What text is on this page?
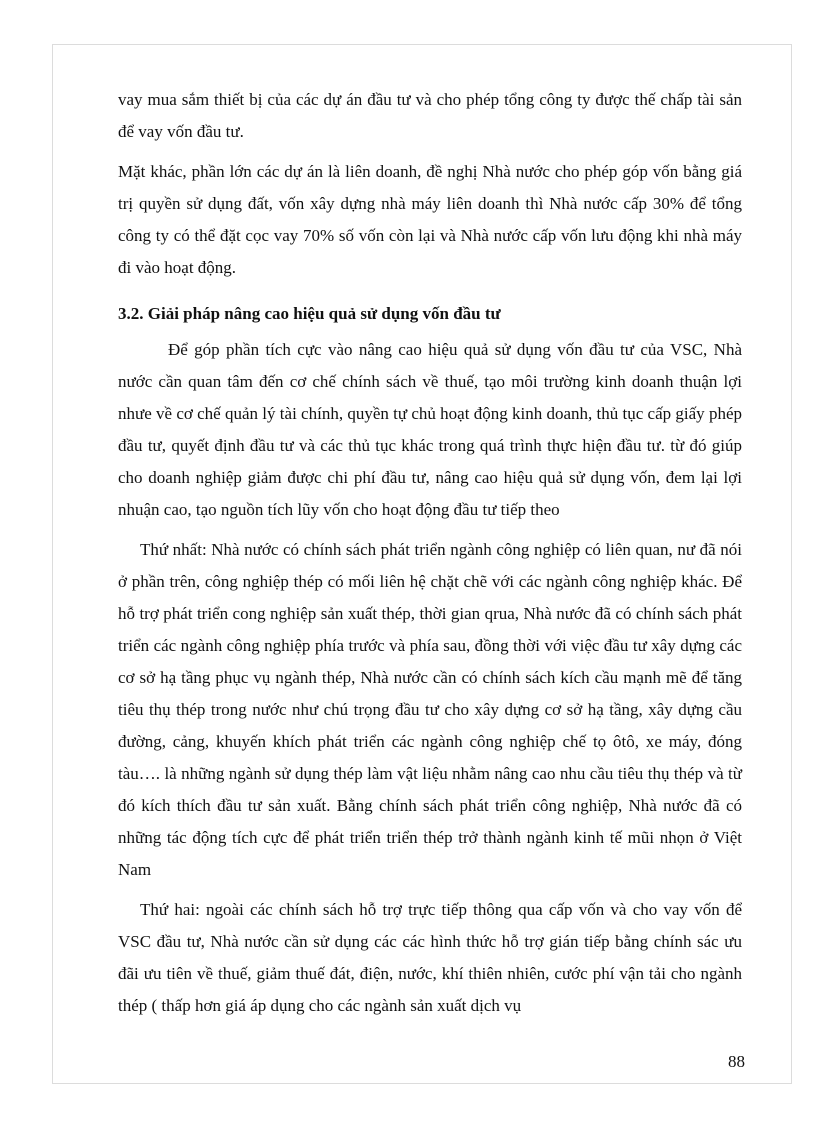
vay mua sắm thiết bị của các dự án đầu tư và cho phép tổng công ty được thế chấp tài sản để vay vốn đầu tư.

Mặt khác, phần lớn các dự án là liên doanh, đề nghị Nhà nước cho phép góp vốn bằng giá trị quyền sử dụng đất, vốn xây dựng nhà máy liên doanh thì Nhà nước cấp 30% để tổng công ty có thể đặt cọc vay 70% số vốn còn lại và Nhà nước cấp vốn lưu động khi nhà máy đi vào hoạt động.

3.2. Giải pháp nâng cao hiệu quả sử dụng vốn đầu tư

Để góp phần tích cực vào nâng cao hiệu quả sử dụng vốn đầu tư của VSC, Nhà nước cần quan tâm đến cơ chế chính sách về thuế, tạo môi trường kinh doanh thuận lợi nhưe về cơ chế quản lý tài chính, quyền tự chủ hoạt động kinh doanh, thủ tục cấp giấy phép đầu tư, quyết định đầu tư và các thủ tục khác trong quá trình thực hiện đầu tư. từ đó giúp cho doanh nghiệp giảm được chi phí đầu tư, nâng cao hiệu quả sử dụng vốn, đem lại lợi nhuận cao, tạo nguồn tích lũy vốn cho hoạt động đầu tư tiếp theo

Thứ nhất: Nhà nước có chính sách phát triển ngành công nghiệp có liên quan, nư đã nói ở phần trên, công nghiệp thép có mối liên hệ chặt chẽ với các ngành công nghiệp khác. Để hỗ trợ phát triển cong nghiệp sản xuất thép, thời gian qrua, Nhà nước đã có chính sách phát triển các ngành công nghiệp phía trước và phía sau, đồng thời với việc đầu tư xây dựng các cơ sở hạ tầng phục vụ ngành thép, Nhà nước cần có chính sách kích cầu mạnh mẽ để tăng tiêu thụ thép trong nước như chú trọng đầu tư cho xây dựng cơ sở hạ tầng, xây dựng cầu đường, cảng, khuyến khích phát triển các ngành công nghiệp chế tọ ôtô, xe máy, đóng tàu…. là những ngành sử dụng thép làm vật liệu nhằm nâng cao nhu cầu tiêu thụ thép và từ đó kích thích đầu tư sản xuất. Bằng chính sách phát triển công nghiệp, Nhà nước đã có những tác động tích cực để phát triển triển thép trở thành ngành kinh tế mũi nhọn ở Việt Nam

Thứ hai: ngoài các chính sách hỗ trợ trực tiếp thông qua cấp vốn và cho vay vốn để VSC đầu tư, Nhà nước cần sử dụng các các hình thức hỗ trợ gián tiếp bằng chính sác ưu đãi ưu tiên về thuế, giảm thuế đát, điện, nước, khí thiên nhiên, cước phí vận tải cho ngành thép ( thấp hơn giá áp dụng cho các ngành sản xuất dịch vụ

88
